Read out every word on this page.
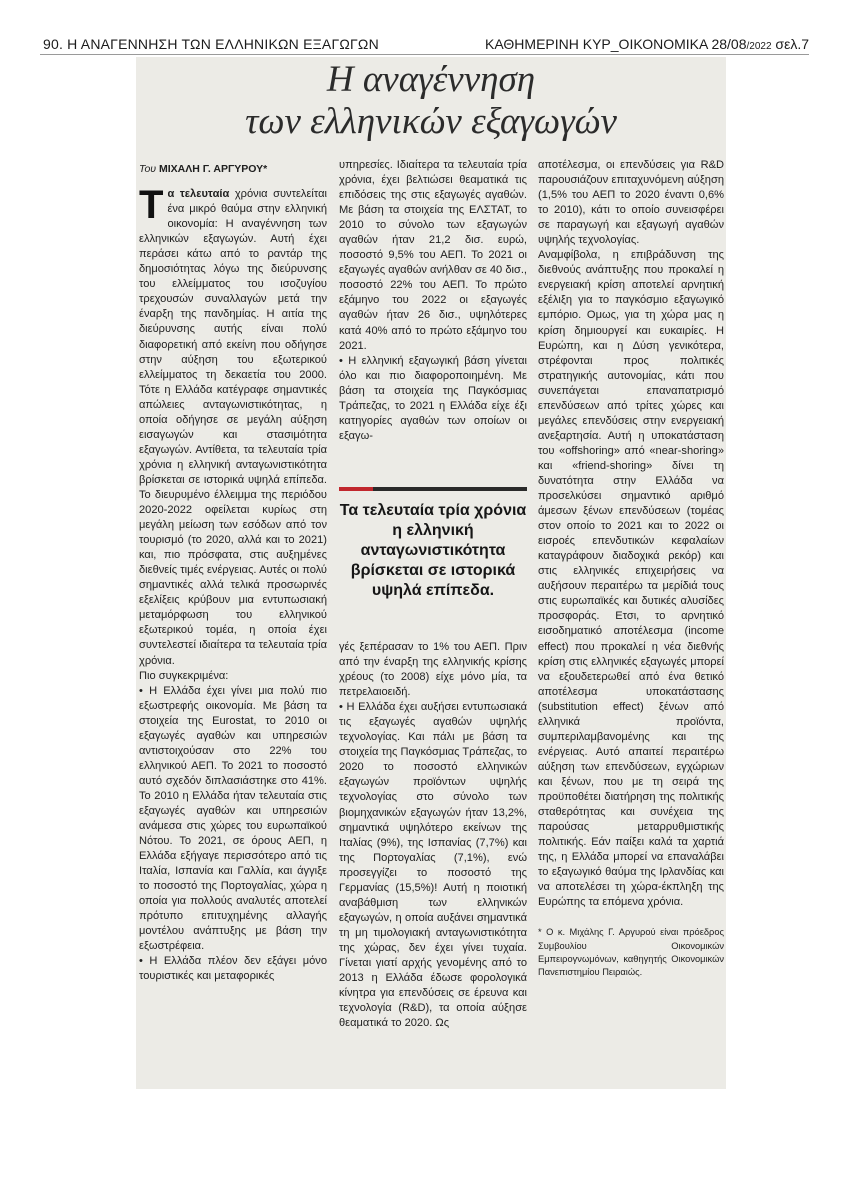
90. Η ΑΝΑΓΕΝΝΗΣΗ ΤΩΝ ΕΛΛΗΝΙΚΩΝ ΕΞΑΓΩΓΩΝ	ΚΑΘΗΜΕΡΙΝΗ ΚΥΡ_ΟΙΚΟΝΟΜΙΚΑ 28/08/2022 σελ.7
Η αναγέννηση
των ελληνικών εξαγωγών

Του ΜΙΧΑΛΗ Γ. ΑΡΓΥΡΟΥ*

Τα τελευταία χρόνια συντελείται ένα μικρό θαύμα στην ελληνική οικονομία: Η αναγέννηση των ελληνικών εξαγωγών. Αυτή έχει περάσει κάτω από το ραντάρ της δημοσιότητας λόγω της διεύρυνσης του ελλείμματος του ισοζυγίου τρεχουσών συναλλαγών μετά την έναρξη της πανδημίας. Η αιτία της διεύρυνσης αυτής είναι πολύ διαφορετική από εκείνη που οδήγησε στην αύξηση του εξωτερικού ελλείμματος τη δεκαετία του 2000. Τότε η Ελλάδα κατέγραφε σημαντικές απώλειες ανταγωνιστικότητας, η οποία οδήγησε σε μεγάλη αύξηση εισαγωγών και στασιμότητα εξαγωγών. Αντίθετα, τα τελευταία τρία χρόνια η ελληνική ανταγωνιστικότητα βρίσκεται σε ιστορικά υψηλά επίπεδα. Το διευρυμένο έλλειμμα της περιόδου 2020-2022 οφείλεται κυρίως στη μεγάλη μείωση των εσόδων από τον τουρισμό (το 2020, αλλά και το 2021) και, πιο πρόσφατα, στις αυξημένες διεθνείς τιμές ενέργειας. Αυτές οι πολύ σημαντικές αλλά τελικά προσωρινές εξελίξεις κρύβουν μια εντυπωσιακή μεταμόρφωση του ελληνικού εξωτερικού τομέα, η οποία έχει συντελεστεί ιδιαίτερα τα τελευταία τρία χρόνια.

Πιο συγκεκριμένα:

• Η Ελλάδα έχει γίνει μια πολύ πιο εξωστρεφής οικονομία. Με βάση τα στοιχεία της Eurostat, το 2010 οι εξαγωγές αγαθών και υπηρεσιών αντιστοιχούσαν στο 22% του ελληνικού ΑΕΠ. Το 2021 το ποσοστό αυτό σχεδόν διπλασιάστηκε στο 41%. Το 2010 η Ελλάδα ήταν τελευταία στις εξαγωγές αγαθών και υπηρεσιών ανάμεσα στις χώρες του ευρωπαϊκού Νότου. Το 2021, σε όρους ΑΕΠ, η Ελλάδα εξήγαγε περισσότερο από τις Ιταλία, Ισπανία και Γαλλία, και άγγιξε το ποσοστό της Πορτογαλίας, χώρα η οποία για πολλούς αναλυτές αποτελεί πρότυπο επιτυχημένης αλλαγής μοντέλου ανάπτυξης με βάση την εξωστρέφεια.

• Η Ελλάδα πλέον δεν εξάγει μόνο τουριστικές και μεταφορικές

υπηρεσίες. Ιδιαίτερα τα τελευταία τρία χρόνια, έχει βελτιώσει θεαματικά τις επιδόσεις της στις εξαγωγές αγαθών. Με βάση τα στοιχεία της ΕΛΣΤΑΤ, το 2010 το σύνολο των εξαγωγών αγαθών ήταν 21,2 δισ. ευρώ, ποσοστό 9,5% του ΑΕΠ. Το 2021 οι εξαγωγές αγαθών ανήλθαν σε 40 δισ., ποσοστό 22% του ΑΕΠ. Το πρώτο εξάμηνο του 2022 οι εξαγωγές αγαθών ήταν 26 δισ., υψηλότερες κατά 40% από το πρώτο εξάμηνο του 2021.

• Η ελληνική εξαγωγική βάση γίνεται όλο και πιο διαφοροποιημένη. Με βάση τα στοιχεία της Παγκόσμιας Τράπεζας, το 2021 η Ελλάδα είχε έξι κατηγορίες αγαθών των οποίων οι εξαγω-

Τα τελευταία τρία χρόνια η ελληνική ανταγωνιστικότητα βρίσκεται σε ιστορικά υψηλά επίπεδα.

γές ξεπέρασαν το 1% του ΑΕΠ. Πριν από την έναρξη της ελληνικής κρίσης χρέους (το 2008) είχε μόνο μία, τα πετρελαιοειδή.

• Η Ελλάδα έχει αυξήσει εντυπωσιακά τις εξαγωγές αγαθών υψηλής τεχνολογίας. Και πάλι με βάση τα στοιχεία της Παγκόσμιας Τράπεζας, το 2020 το ποσοστό ελληνικών εξαγωγών προϊόντων υψηλής τεχνολογίας στο σύνολο των βιομηχανικών εξαγωγών ήταν 13,2%, σημαντικά υψηλότερο εκείνων της Ιταλίας (9%), της Ισπανίας (7,7%) και της Πορτογαλίας (7,1%), ενώ προσεγγίζει το ποσοστό της Γερμανίας (15,5%)! Αυτή η ποιοτική αναβάθμιση των ελληνικών εξαγωγών, η οποία αυξάνει σημαντικά τη μη τιμολογιακή ανταγωνιστικότητα της χώρας, δεν έχει γίνει τυχαία. Γίνεται γιατί αρχής γενομένης από το 2013 η Ελλάδα έδωσε φορολογικά κίνητρα για επενδύσεις σε έρευνα και τεχνολογία (R&D), τα οποία αύξησε θεαματικά το 2020. Ως

αποτέλεσμα, οι επενδύσεις για R&D παρουσιάζουν επιταχυνόμενη αύξηση (1,5% του ΑΕΠ το 2020 έναντι 0,6% το 2010), κάτι το οποίο συνεισφέρει σε παραγωγή και εξαγωγή αγαθών υψηλής τεχνολογίας.

Αναμφίβολα, η επιβράδυνση της διεθνούς ανάπτυξης που προκαλεί η ενεργειακή κρίση αποτελεί αρνητική εξέλιξη για το παγκόσμιο εξαγωγικό εμπόριο. Ομως, για τη χώρα μας η κρίση δημιουργεί και ευκαιρίες. Η Ευρώπη, και η Δύση γενικότερα, στρέφονται προς πολιτικές στρατηγικής αυτονομίας, κάτι που συνεπάγεται επαναπατρισμό επενδύσεων από τρίτες χώρες και μεγάλες επενδύσεις στην ενεργειακή ανεξαρτησία. Αυτή η υποκατάσταση του «offshoring» από «near-shoring» και «friend-shoring» δίνει τη δυνατότητα στην Ελλάδα να προσελκύσει σημαντικό αριθμό άμεσων ξένων επενδύσεων (τομέας στον οποίο το 2021 και το 2022 οι εισροές επενδυτικών κεφαλαίων καταγράφουν διαδοχικά ρεκόρ) και στις ελληνικές επιχειρήσεις να αυξήσουν περαιτέρω τα μερίδιά τους στις ευρωπαϊκές και δυτικές αλυσίδες προσφοράς. Ετσι, το αρνητικό εισοδηματικό αποτέλεσμα (income effect) που προκαλεί η νέα διεθνής κρίση στις ελληνικές εξαγωγές μπορεί να εξουδετερωθεί από ένα θετικό αποτέλεσμα υποκατάστασης (substitution effect) ξένων από ελληνικά προϊόντα, συμπεριλαμβανομένης και της ενέργειας. Αυτό απαιτεί περαιτέρω αύξηση των επενδύσεων, εγχώριων και ξένων, που με τη σειρά της προϋποθέτει διατήρηση της πολιτικής σταθερότητας και συνέχεια της παρούσας μεταρρυθμιστικής πολιτικής. Εάν παίξει καλά τα χαρτιά της, η Ελλάδα μπορεί να επαναλάβει το εξαγωγικό θαύμα της Ιρλανδίας και να αποτελέσει τη χώρα-έκπληξη της Ευρώπης τα επόμενα χρόνια.

* Ο κ. Μιχάλης Γ. Αργυρού είναι πρόεδρος Συμβουλίου Οικονομικών Εμπειρογνωμόνων, καθηγητής Οικονομικών Πανεπιστημίου Πειραιώς.
